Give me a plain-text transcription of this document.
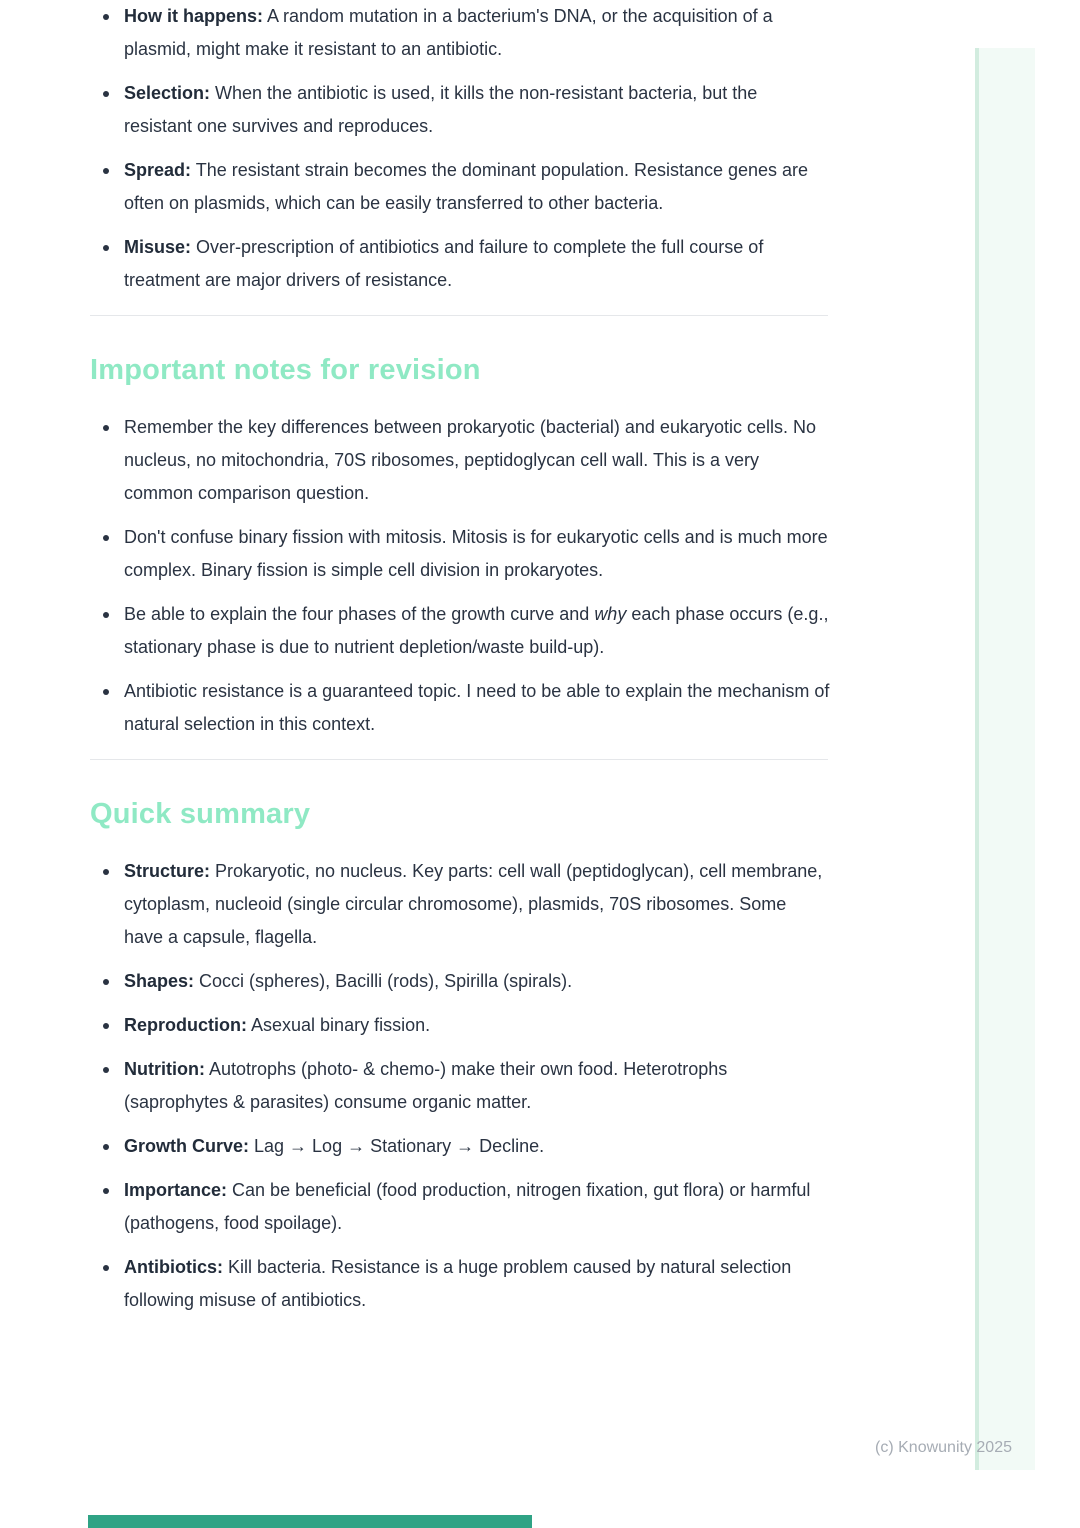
How it happens: A random mutation in a bacterium's DNA, or the acquisition of a plasmid, might make it resistant to an antibiotic.
Selection: When the antibiotic is used, it kills the non-resistant bacteria, but the resistant one survives and reproduces.
Spread: The resistant strain becomes the dominant population. Resistance genes are often on plasmids, which can be easily transferred to other bacteria.
Misuse: Over-prescription of antibiotics and failure to complete the full course of treatment are major drivers of resistance.
Important notes for revision
Remember the key differences between prokaryotic (bacterial) and eukaryotic cells. No nucleus, no mitochondria, 70S ribosomes, peptidoglycan cell wall. This is a very common comparison question.
Don't confuse binary fission with mitosis. Mitosis is for eukaryotic cells and is much more complex. Binary fission is simple cell division in prokaryotes.
Be able to explain the four phases of the growth curve and why each phase occurs (e.g., stationary phase is due to nutrient depletion/waste build-up).
Antibiotic resistance is a guaranteed topic. I need to be able to explain the mechanism of natural selection in this context.
Quick summary
Structure: Prokaryotic, no nucleus. Key parts: cell wall (peptidoglycan), cell membrane, cytoplasm, nucleoid (single circular chromosome), plasmids, 70S ribosomes. Some have a capsule, flagella.
Shapes: Cocci (spheres), Bacilli (rods), Spirilla (spirals).
Reproduction: Asexual binary fission.
Nutrition: Autotrophs (photo- & chemo-) make their own food. Heterotrophs (saprophytes & parasites) consume organic matter.
Growth Curve: Lag → Log → Stationary → Decline.
Importance: Can be beneficial (food production, nitrogen fixation, gut flora) or harmful (pathogens, food spoilage).
Antibiotics: Kill bacteria. Resistance is a huge problem caused by natural selection following misuse of antibiotics.
(c) Knowunity 2025
